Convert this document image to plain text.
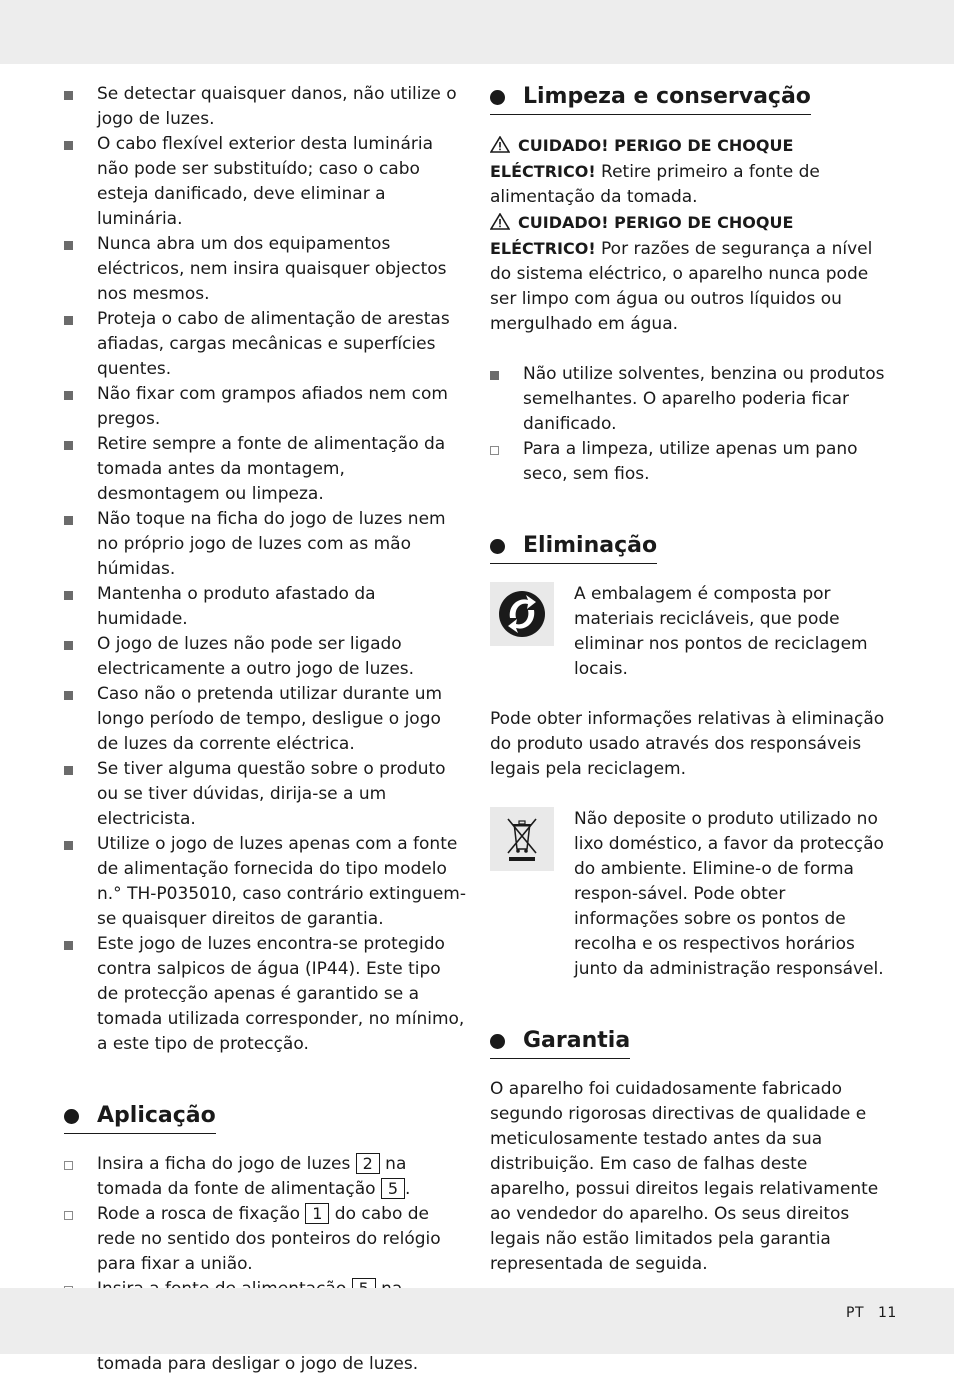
Se detectar quaisquer danos, não utilize o jogo de luzes.
O cabo flexível exterior desta luminária não pode ser substituído; caso o cabo esteja danificado, deve eliminar a luminária.
Nunca abra um dos equipamentos eléctricos, nem insira quaisquer objectos nos mesmos.
Proteja o cabo de alimentação de arestas afiadas, cargas mecânicas e superfícies quentes.
Não fixar com grampos afiados nem com pregos.
Retire sempre a fonte de alimentação da tomada antes da montagem, desmontagem ou limpeza.
Não toque na ficha do jogo de luzes nem no próprio jogo de luzes com as mão húmidas.
Mantenha o produto afastado da humidade.
O jogo de luzes não pode ser ligado electricamente a outro jogo de luzes.
Caso não o pretenda utilizar durante um longo período de tempo, desligue o jogo de luzes da corrente eléctrica.
Se tiver alguma questão sobre o produto ou se tiver dúvidas, dirija-se a um electricista.
Utilize o jogo de luzes apenas com a fonte de alimentação fornecida do tipo modelo n.° TH-P035010, caso contrário extinguem-se quaisquer direitos de garantia.
Este jogo de luzes encontra-se protegido contra salpicos de água (IP44). Este tipo de protecção apenas é garantido se a tomada utilizada corresponder, no mínimo, a este tipo de protecção.
Aplicação
Insira a ficha do jogo de luzes 2 na tomada da fonte de alimentação 5 .
Rode a rosca de fixação 1 do cabo de rede no sentido dos ponteiros do relógio para fixar a união.
tomada para desligar o jogo de luzes.
Limpeza e conservação

CUIDADO! PERIGO DE CHOQUE ELÉCTRICO! Retire primeiro a fonte de alimentação da tomada.

CUIDADO! PERIGO DE CHOQUE ELÉCTRICO! Por razões de segurança a nível do sistema eléctrico, o aparelho nunca pode ser limpo com água ou outros líquidos ou mergulhado em água.

Não utilize solventes, benzina ou produtos semelhantes. O aparelho poderia ficar danificado.
Para a limpeza, utilize apenas um pano seco, sem fios.
Eliminação

A embalagem é composta por materiais recicláveis, que pode eliminar nos pontos de reciclagem locais.

Pode obter informações relativas à eliminação do produto usado através dos responsáveis legais pela reciclagem.

Não deposite o produto utilizado no lixo doméstico, a favor da protecção do ambiente. Elimine-o de forma respon-sável. Pode obter informações sobre os pontos de recolha e os respectivos horários junto da administração responsável.

Garantia

O aparelho foi cuidadosamente fabricado segundo rigorosas directivas de qualidade e meticulosamente testado antes da sua distribuição. Em caso de falhas deste aparelho, possui direitos legais relativamente ao vendedor do aparelho. Os seus direitos legais não estão limitados pela garantia representada de seguida.

PT 11
